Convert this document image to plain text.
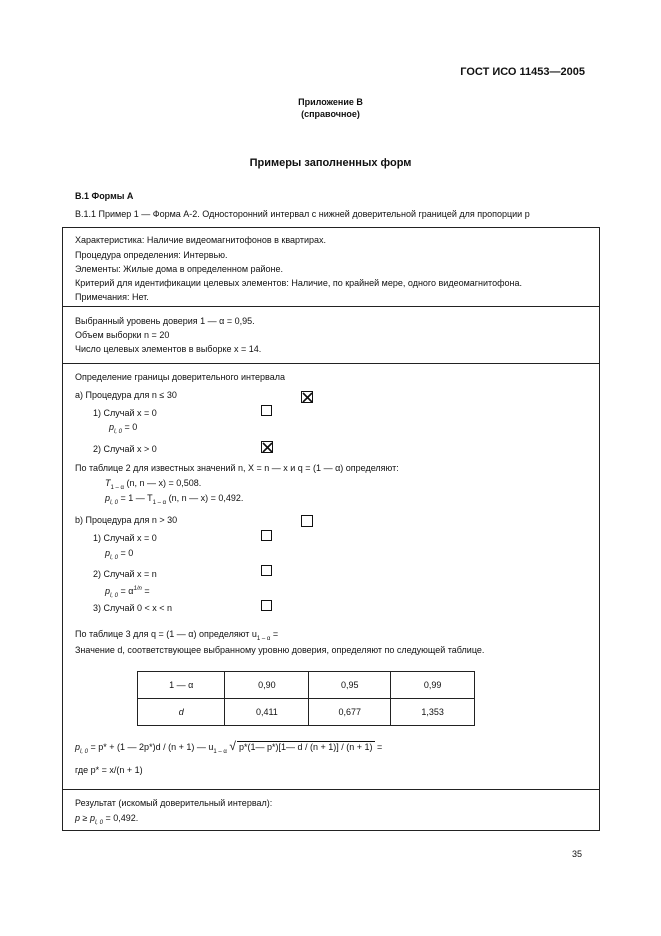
ГОСТ ИСО 11453—2005
Приложение В
(справочное)
Примеры заполненных форм
В.1 Формы А
В.1.1 Пример 1 — Форма А-2. Односторонний интервал с нижней доверительной границей для пропорции p
Характеристика: Наличие видеомагнитофонов в квартирах.
Процедура определения: Интервью.
Элементы: Жилые дома в определенном районе.
Критерий для идентификации целевых элементов: Наличие, по крайней мере, одного видеомагнитофона.
Примечания: Нет.
Выбранный уровень доверия 1 — α = 0,95.
Объем выборки n = 20
Число целевых элементов в выборке x = 14.
Определение границы доверительного интервала
a) Процедура для n ≤ 30
1) Случай x = 0
$p_{l, 0} = 0$
2) Случай x > 0
По таблице 2 для известных значений n, X = n — x и q = (1 — α) определяют:
$T_{1 - \alpha}$ (n, n — x) = 0,508.
$p_{l, 0} = 1$ — $T_{1 - \alpha}$ (n, n — x) = 0,492.
b) Процедура для n > 30
1) Случай x = 0
$p_{l, 0} = 0$
2) Случай x = n
$p_{l, 0} = \alpha^{1/n}$ =
3) Случай 0 < x < n
По таблице 3 для q = (1 — α) определяют $u_{1 - \alpha}$ =
Значение d, соответствующее выбранному уровню доверия, определяют по следующей таблице.
1 — α	0,90	0,95	0,99
d	0,411	0,677	1,353
$p_{l, 0} = p* + (1$ — 2p*)d / (n + 1) — $u_{1 - \alpha}$ √ p*(1— p*)[1— d / (n + 1)] / (n + 1) =
где p* = x/(n + 1)
Результат (искомый доверительный интервал):
$p \ge p_{l, 0} = 0,492$.
35
